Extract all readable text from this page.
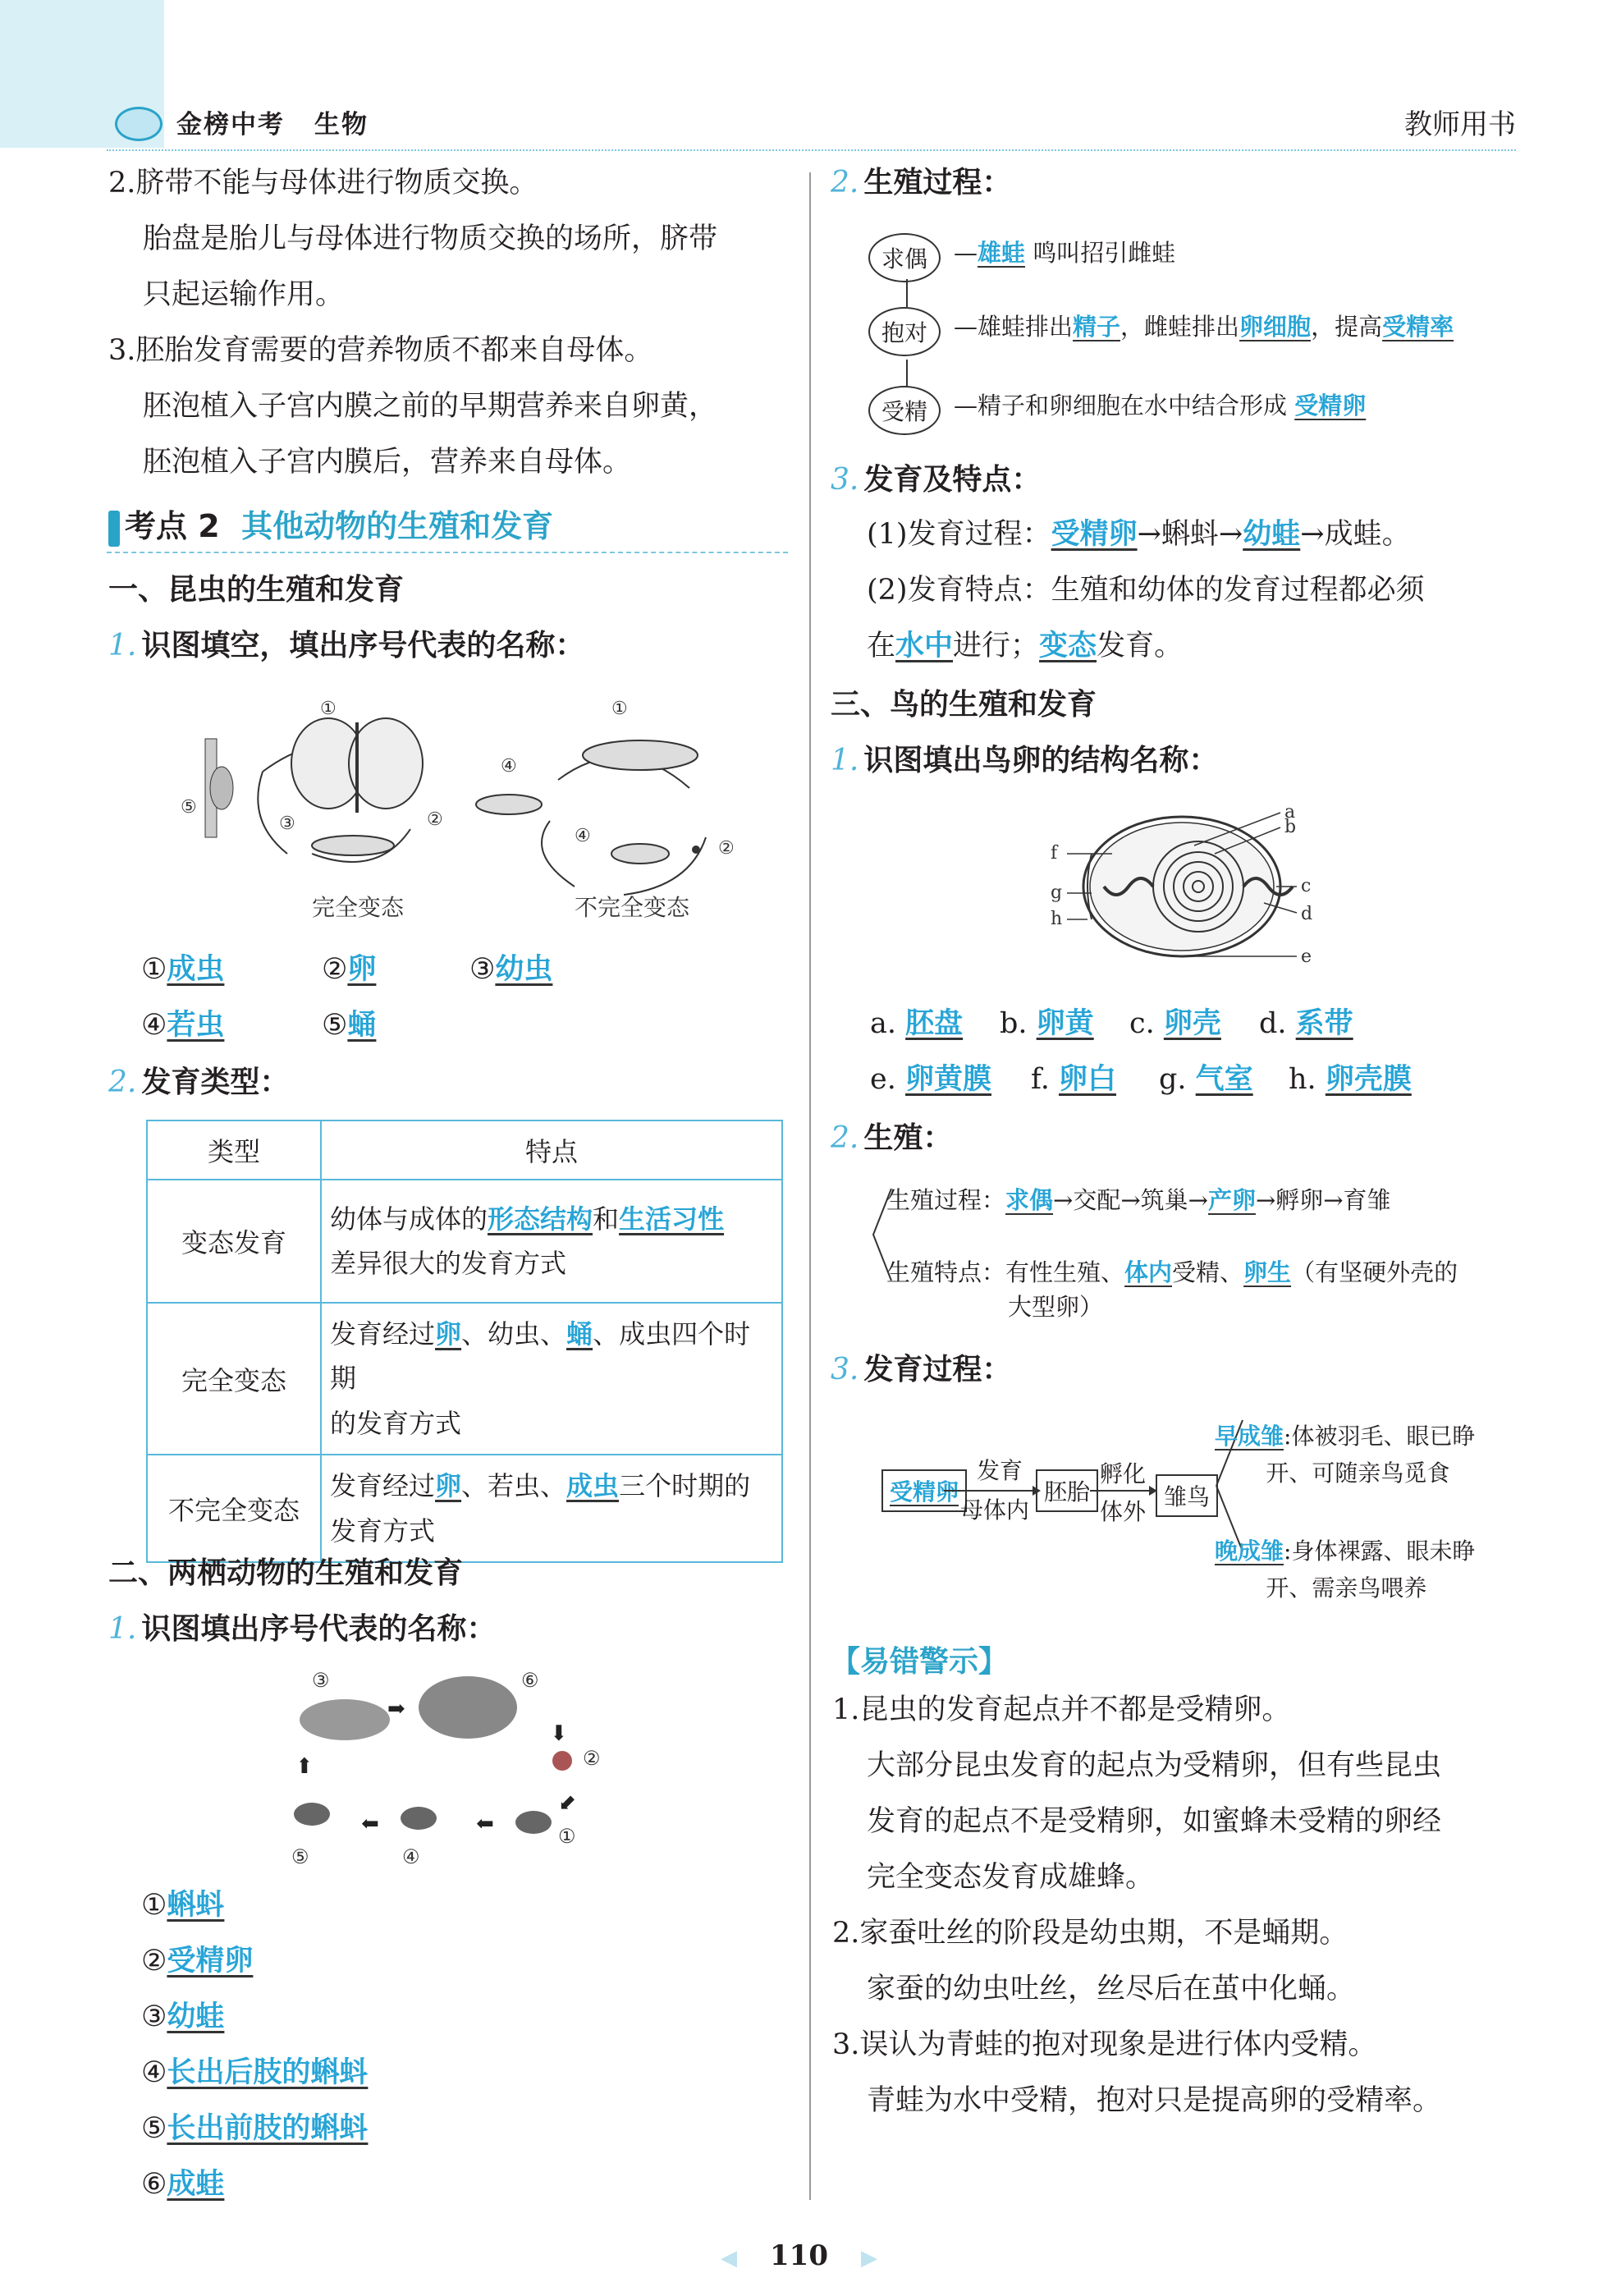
金榜中考 生物	教师用书
2.脐带不能与母体进行物质交换。
胎盘是胎儿与母体进行物质交换的场所，脐带
只起运输作用。
3.胚胎发育需要的营养物质不都来自母体。
胚泡植入子宫内膜之前的早期营养来自卵黄，
胚泡植入子宫内膜后，营养来自母体。
考点 2 其他动物的生殖和发育
一、昆虫的生殖和发育
1. 识图填空，填出序号代表的名称：
①
②
③
⑤
④
①
④
②
完全变态	不完全变态
①成虫	②卵	③幼虫
④若虫	⑤蛹
2. 发育类型：
类型	特点
变态发育	幼体与成体的形态结构和生活习性
差异很大的发育方式
完全变态	发育经过卵、幼虫、蛹、成虫四个时期
的发育方式
不完全变态	发育经过卵、若虫、成虫三个时期的
发育方式
二、两栖动物的生殖和发育
1. 识图填出序号代表的名称：
➡
⬇
⬋
⬅
⬅
⬆
③	⑥
②
①
④
⑤
①蝌蚪
②受精卵
③幼蛙
④长出后肢的蝌蚪
⑤长出前肢的蝌蚪
⑥成蛙
2. 生殖过程：
求偶	—雄蛙 鸣叫招引雌蛙
抱对	—雄蛙排出精子，雌蛙排出卵细胞，提高受精率
受精	—精子和卵细胞在水中结合形成 受精卵
3. 发育及特点：
(1)发育过程：受精卵→蝌蚪→幼蛙→成蛙。
(2)发育特点：生殖和幼体的发育过程都必须
在水中进行；变态发育。
三、鸟的生殖和发育
1. 识图填出鸟卵的结构名称：
a
b
c
d
e
f
g
h
a. 胚盘 b. 卵黄 c. 卵壳 d. 系带
e. 卵黄膜 f. 卵白 g. 气室 h. 卵壳膜
2. 生殖：
生殖过程：求偶→交配→筑巢→产卵→孵卵→育雏
生殖特点：有性生殖、体内受精、卵生（有坚硬外壳的
大型卵）
3. 发育过程：
受精卵
发育
母体内
胚胎
孵化
体外
雏鸟
早成雏:体被羽毛、眼已睁
开、可随亲鸟觅食
晚成雏:身体裸露、眼未睁
开、需亲鸟喂养
【易错警示】
1.昆虫的发育起点并不都是受精卵。
大部分昆虫发育的起点为受精卵，但有些昆虫
发育的起点不是受精卵，如蜜蜂未受精的卵经
完全变态发育成雄蜂。
2.家蚕吐丝的阶段是幼虫期，不是蛹期。
家蚕的幼虫吐丝，丝尽后在茧中化蛹。
3.误认为青蛙的抱对现象是进行体内受精。
青蛙为水中受精，抱对只是提高卵的受精率。
◀ 110 ▶
